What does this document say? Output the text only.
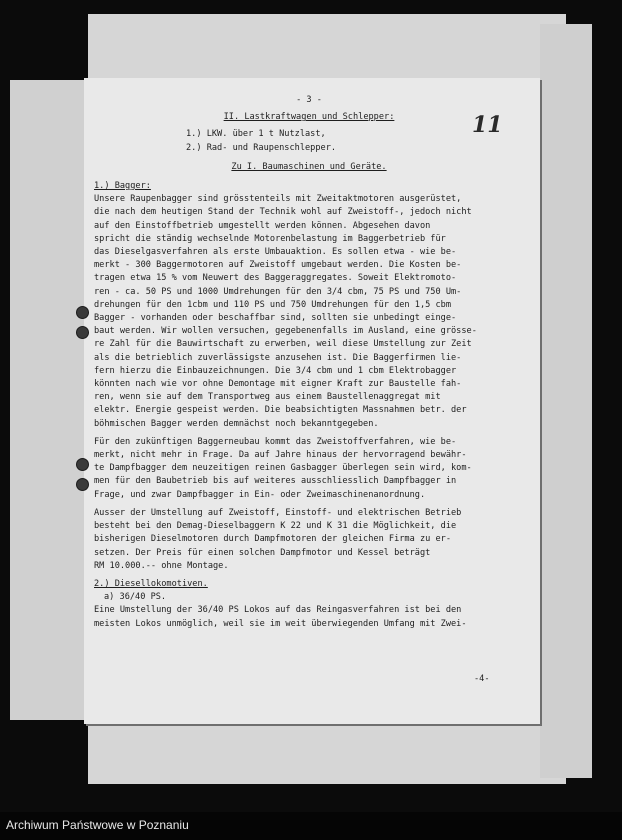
11
- 3 -
II. Lastkraftwagen und Schlepper:
1.) LKW. über 1 t Nutzlast,
2.) Rad- und Raupenschlepper.
Zu I. Baumaschinen und Geräte.
1.) Bagger:
Unsere Raupenbagger sind grösstenteils mit Zweitaktmotoren ausgerüstet,
die nach dem heutigen Stand der Technik wohl auf Zweistoff-, jedoch nicht
auf den Einstoffbetrieb umgestellt werden können. Abgesehen davon
spricht die ständig wechselnde Motorenbelastung im Baggerbetrieb für
das Dieselgasverfahren als erste Umbauaktion. Es sollen etwa - wie be-
merkt - 300 Baggermotoren auf Zweistoff umgebaut werden. Die Kosten be-
tragen etwa 15 % vom Neuwert des Baggeraggregates. Soweit Elektromoto-
ren - ca. 50 PS und 1000 Umdrehungen für den 3/4 cbm, 75 PS und 750 Um-
drehungen für den 1cbm und 110 PS und 750 Umdrehungen für den 1,5 cbm
Bagger - vorhanden oder beschaffbar sind, sollten sie unbedingt einge-
baut werden. Wir wollen versuchen, gegebenenfalls im Ausland, eine grösse-
re Zahl für die Bauwirtschaft zu erwerben, weil diese Umstellung zur Zeit
als die betrieblich zuverlässigste anzusehen ist. Die Baggerfirmen lie-
fern hierzu die Einbauzeichnungen. Die 3/4 cbm und 1 cbm Elektrobagger
könnten nach wie vor ohne Demontage mit eigner Kraft zur Baustelle fah-
ren, wenn sie auf dem Transportweg aus einem Baustellenaggregat mit
elektr. Energie gespeist werden. Die beabsichtigten Massnahmen betr. der
böhmischen Bagger werden demnächst noch bekanntgegeben.
Für den zukünftigen Baggerneubau kommt das Zweistoffverfahren, wie be-
merkt, nicht mehr in Frage. Da auf Jahre hinaus der hervorragend bewähr-
te Dampfbagger dem neuzeitigen reinen Gasbagger überlegen sein wird, kom-
men für den Baubetrieb bis auf weiteres ausschliesslich Dampfbagger in
Frage, und zwar Dampfbagger in Ein- oder Zweimaschinenanordnung.
Ausser der Umstellung auf Zweistoff, Einstoff- und elektrischen Betrieb
besteht bei den Demag-Dieselbaggern K 22 und K 31 die Möglichkeit, die
bisherigen Dieselmotoren durch Dampfmotoren der gleichen Firma zu er-
setzen. Der Preis für einen solchen Dampfmotor und Kessel beträgt
RM 10.000.-- ohne Montage.
2.) Diesellokomotiven.
a) 36/40 PS.
Eine Umstellung der 36/40 PS Lokos auf das Reingasverfahren ist bei den
meisten Lokos unmöglich, weil sie im weit überwiegenden Umfang mit Zwei-
-4-
Archiwum Państwowe w Poznaniu
